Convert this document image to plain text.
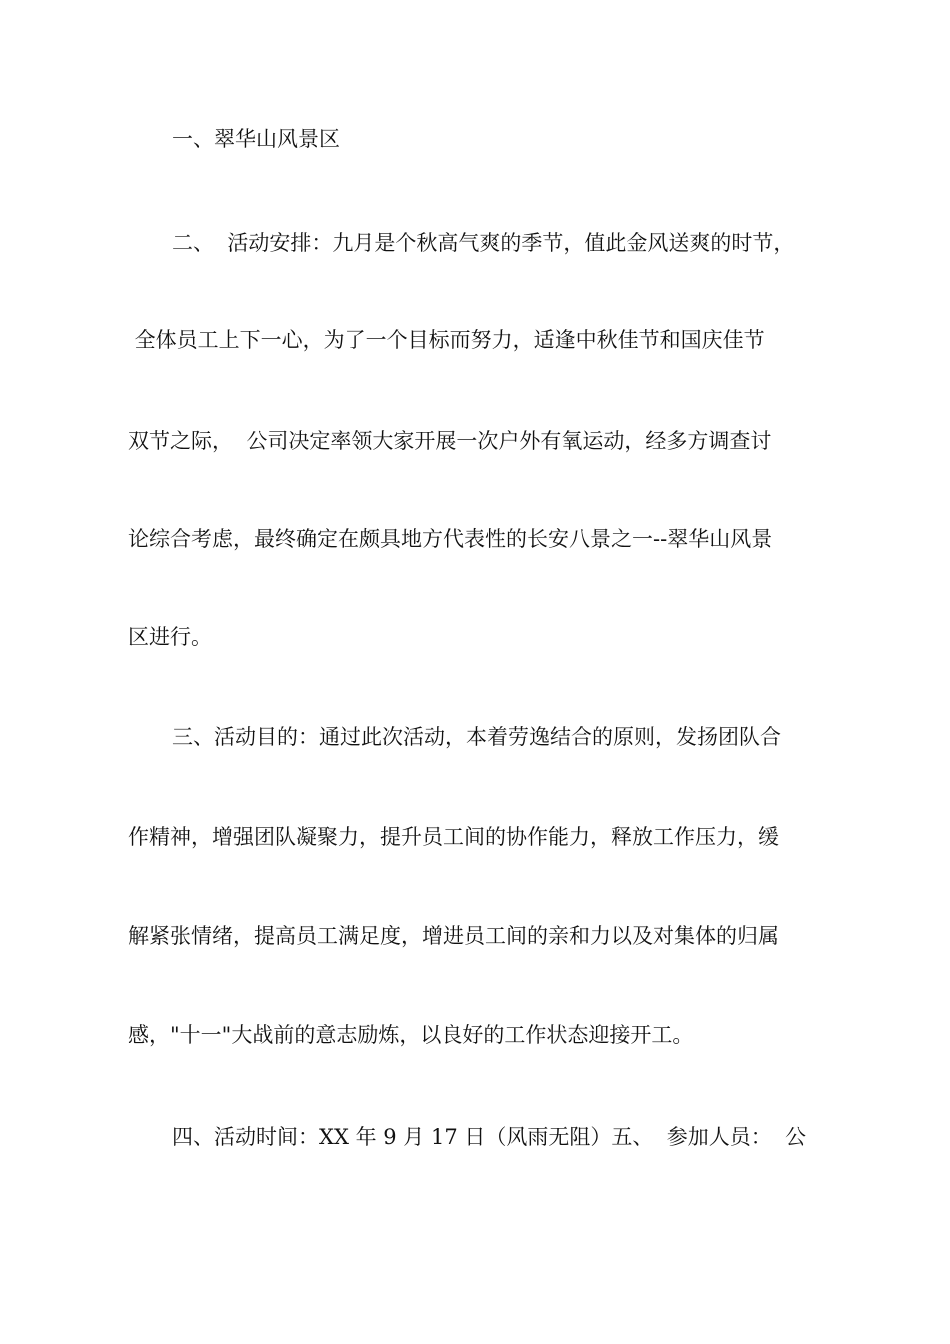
一、翠华山风景区
二、  活动安排：九月是个秋高气爽的季节，值此金风送爽的时节，
全体员工上下一心，为了一个目标而努力，适逢中秋佳节和国庆佳节
双节之际，  公司决定率领大家开展一次户外有氧运动，经多方调查讨
论综合考虑，最终确定在颇具地方代表性的长安八景之一--翠华山风景
区进行。
三、活动目的：通过此次活动，本着劳逸结合的原则，发扬团队合
作精神，增强团队凝聚力，提升员工间的协作能力，释放工作压力，缓
解紧张情绪，提高员工满足度，增进员工间的亲和力以及对集体的归属
感，"十一"大战前的意志励炼，以良好的工作状态迎接开工。
四、活动时间：XX 年 9 月 17 日（风雨无阻）五、  参加人员：  公
